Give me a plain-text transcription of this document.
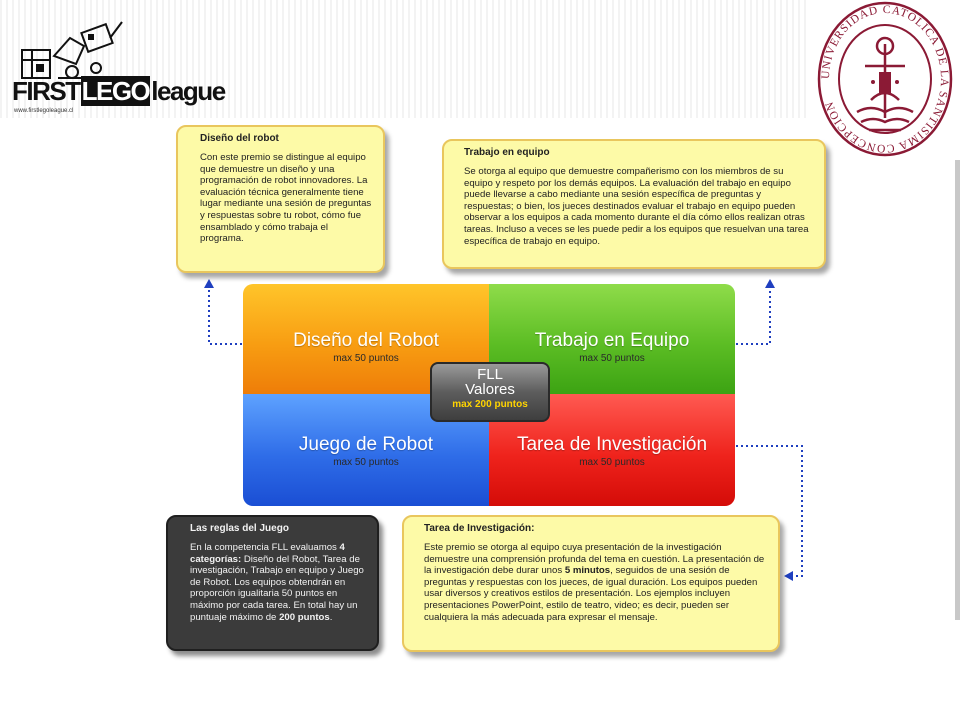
FIRSTLEGOleague
www.firstlegoleague.cl
UNIVERSIDAD CATOLICA DE LA SANTISIMA CONCEPCION
Diseño del robot
Con este premio se distingue al equipo que demuestre un diseño y una programación de robot innovadores. La evaluación técnica generalmente tiene lugar mediante una sesión de preguntas y respuestas sobre tu robot, cómo fue ensamblado y cómo trabaja el programa.
Trabajo en equipo
Se otorga al equipo que demuestre compañerismo con los miembros de su equipo y respeto por los demás equipos. La evaluación del trabajo en equipo puede llevarse a cabo mediante una sesión específica de preguntas y respuestas; o bien, los jueces destinados evaluar el trabajo en equipo pueden observar a los equipos a cada momento durante el día cómo ellos realizan otras tareas. Incluso a veces se les puede pedir a los equipos que resuelvan una tarea específica de trabajo en equipo.
Diseño del Robot
max 50 puntos
Trabajo en Equipo
max 50 puntos
Juego de Robot
max 50 puntos
Tarea de Investigación
max 50 puntos
FLL
Valores
max 200 puntos
Las reglas del Juego
En la competencia FLL evaluamos 4 categorías: Diseño del Robot, Tarea de investigación, Trabajo en equipo y Juego de Robot. Los equipos obtendrán en proporción igualitaria 50 puntos en máximo por cada tarea. En total hay un puntuaje máximo de 200 puntos.
Tarea de Investigación:
Este premio se otorga al equipo cuya presentación de la investigación demuestre una comprensión profunda del tema en cuestión. La presentación de la investigación debe durar unos 5 minutos, seguidos de una sesión de preguntas y respuestas con los jueces, de igual duración. Los equipos pueden usar diversos y creativos estilos de presentación. Los ejemplos incluyen presentaciones PowerPoint, estilo de teatro, video; es decir, pueden ser cualquiera la más adecuada para expresar el mensaje.
